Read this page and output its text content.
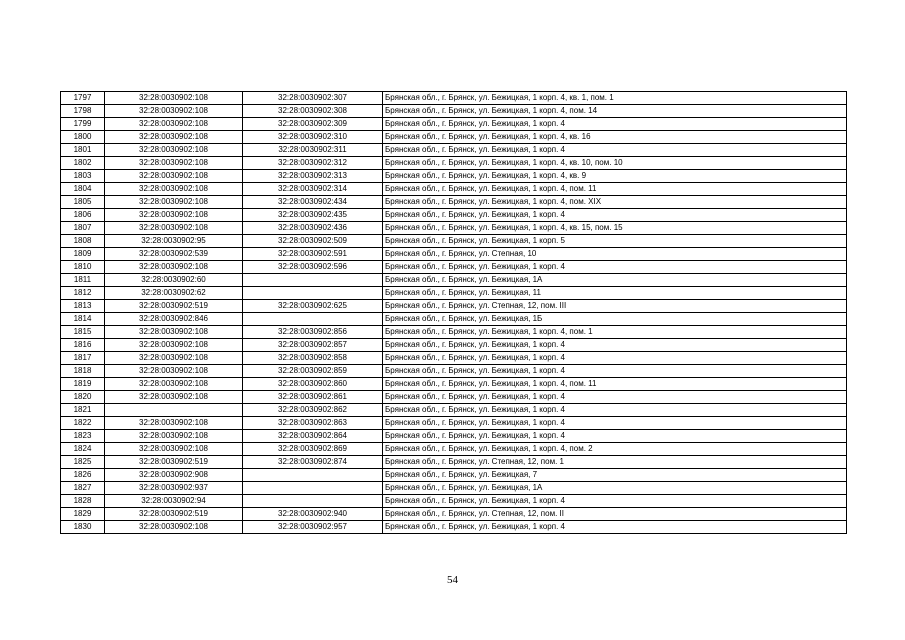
1797	32:28:0030902:108	32:28:0030902:307	Брянская обл., г. Брянск, ул. Бежицкая, 1 корп. 4, кв. 1, пом. 1
1798	32:28:0030902:108	32:28:0030902:308	Брянская обл., г. Брянск, ул. Бежицкая, 1 корп. 4, пом. 14
1799	32:28:0030902:108	32:28:0030902:309	Брянская обл., г. Брянск, ул. Бежицкая, 1 корп. 4
1800	32:28:0030902:108	32:28:0030902:310	Брянская обл., г. Брянск, ул. Бежицкая, 1 корп. 4, кв. 16
1801	32:28:0030902:108	32:28:0030902:311	Брянская обл., г. Брянск, ул. Бежицкая, 1 корп. 4
1802	32:28:0030902:108	32:28:0030902:312	Брянская обл., г. Брянск, ул. Бежицкая, 1 корп. 4, кв. 10, пом. 10
1803	32:28:0030902:108	32:28:0030902:313	Брянская обл., г. Брянск, ул. Бежицкая, 1 корп. 4, кв. 9
1804	32:28:0030902:108	32:28:0030902:314	Брянская обл., г. Брянск, ул. Бежицкая, 1 корп. 4, пом. 11
1805	32:28:0030902:108	32:28:0030902:434	Брянская обл., г. Брянск, ул. Бежицкая, 1 корп. 4, пом. XIX
1806	32:28:0030902:108	32:28:0030902:435	Брянская обл., г. Брянск, ул. Бежицкая, 1 корп. 4
1807	32:28:0030902:108	32:28:0030902:436	Брянская обл., г. Брянск, ул. Бежицкая, 1 корп. 4, кв. 15, пом. 15
1808	32:28:0030902:95	32:28:0030902:509	Брянская обл., г. Брянск, ул. Бежицкая, 1 корп. 5
1809	32:28:0030902:539	32:28:0030902:591	Брянская обл., г. Брянск, ул. Степная, 10
1810	32:28:0030902:108	32:28:0030902:596	Брянская обл., г. Брянск, ул. Бежицкая, 1 корп. 4
1811	32:28:0030902:60		Брянская обл., г. Брянск, ул. Бежицкая, 1А
1812	32:28:0030902:62		Брянская обл., г. Брянск, ул. Бежицкая, 11
1813	32:28:0030902:519	32:28:0030902:625	Брянская обл., г. Брянск, ул. Степная, 12, пом. III
1814	32:28:0030902:846		Брянская обл., г. Брянск, ул. Бежицкая, 1Б
1815	32:28:0030902:108	32:28:0030902:856	Брянская обл., г. Брянск, ул. Бежицкая, 1 корп. 4, пом. 1
1816	32:28:0030902:108	32:28:0030902:857	Брянская обл., г. Брянск, ул. Бежицкая, 1 корп. 4
1817	32:28:0030902:108	32:28:0030902:858	Брянская обл., г. Брянск, ул. Бежицкая, 1 корп. 4
1818	32:28:0030902:108	32:28:0030902:859	Брянская обл., г. Брянск, ул. Бежицкая, 1 корп. 4
1819	32:28:0030902:108	32:28:0030902:860	Брянская обл., г. Брянск, ул. Бежицкая, 1 корп. 4, пом. 11
1820	32:28:0030902:108	32:28:0030902:861	Брянская обл., г. Брянск, ул. Бежицкая, 1 корп. 4
1821		32:28:0030902:862	Брянская обл., г. Брянск, ул. Бежицкая, 1 корп. 4
1822	32:28:0030902:108	32:28:0030902:863	Брянская обл., г. Брянск, ул. Бежицкая, 1 корп. 4
1823	32:28:0030902:108	32:28:0030902:864	Брянская обл., г. Брянск, ул. Бежицкая, 1 корп. 4
1824	32:28:0030902:108	32:28:0030902:869	Брянская обл., г. Брянск, ул. Бежицкая, 1 корп. 4, пом. 2
1825	32:28:0030902:519	32:28:0030902:874	Брянская обл., г. Брянск, ул. Степная, 12, пом. 1
1826	32:28:0030902:908		Брянская обл., г. Брянск, ул. Бежицкая, 7
1827	32:28:0030902:937		Брянская обл., г. Брянск, ул. Бежицкая, 1А
1828	32:28:0030902:94		Брянская обл., г. Брянск, ул. Бежицкая, 1 корп. 4
1829	32:28:0030902:519	32:28:0030902:940	Брянская обл., г. Брянск, ул. Степная, 12, пом. II
1830	32:28:0030902:108	32:28:0030902:957	Брянская обл., г. Брянск, ул. Бежицкая, 1 корп. 4
54
